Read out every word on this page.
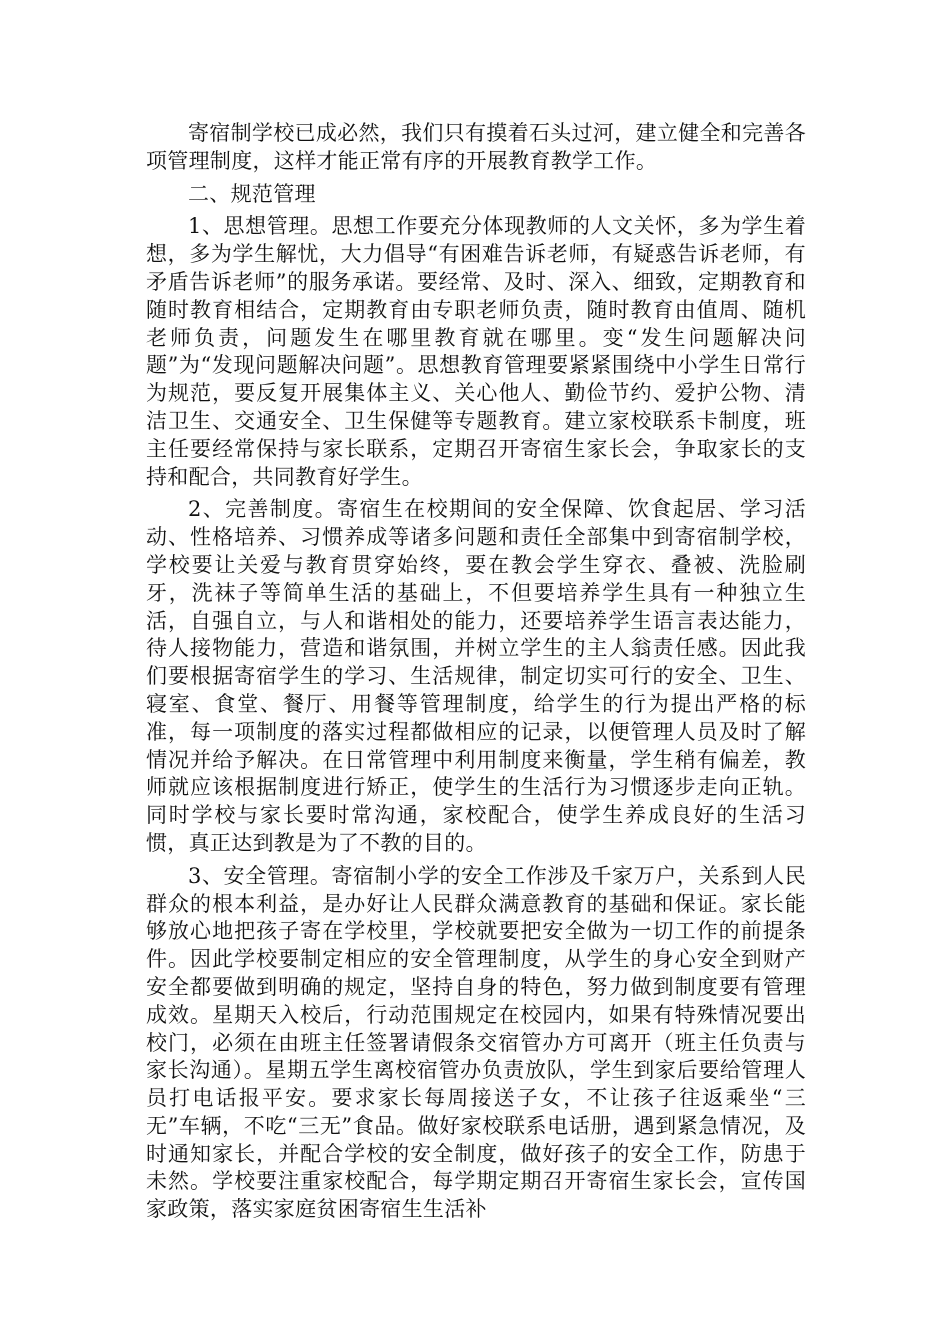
寄宿制学校已成必然，我们只有摸着石头过河，建立健全和完善各项管理制度，这样才能正常有序的开展教育教学工作。

二、规范管理

1、思想管理。思想工作要充分体现教师的人文关怀，多为学生着想，多为学生解忧，大力倡导“有困难告诉老师，有疑惑告诉老师，有矛盾告诉老师”的服务承诺。要经常、及时、深入、细致，定期教育和随时教育相结合，定期教育由专职老师负责，随时教育由值周、随机老师负责，问题发生在哪里教育就在哪里。变“发生问题解决问题”为“发现问题解决问题”。思想教育管理要紧紧围绕中小学生日常行为规范，要反复开展集体主义、关心他人、勤俭节约、爱护公物、清洁卫生、交通安全、卫生保健等专题教育。建立家校联系卡制度，班主任要经常保持与家长联系，定期召开寄宿生家长会，争取家长的支持和配合，共同教育好学生。

2、完善制度。寄宿生在校期间的安全保障、饮食起居、学习活动、性格培养、习惯养成等诸多问题和责任全部集中到寄宿制学校，学校要让关爱与教育贯穿始终，要在教会学生穿衣、叠被、洗脸刷牙，洗袜子等简单生活的基础上，不但要培养学生具有一种独立生活，自强自立，与人和谐相处的能力，还要培养学生语言表达能力，待人接物能力，营造和谐氛围，并树立学生的主人翁责任感。因此我们要根据寄宿学生的学习、生活规律，制定切实可行的安全、卫生、寝室、食堂、餐厅、用餐等管理制度，给学生的行为提出严格的标准，每一项制度的落实过程都做相应的记录，以便管理人员及时了解情况并给予解决。在日常管理中利用制度来衡量，学生稍有偏差，教师就应该根据制度进行矫正，使学生的生活行为习惯逐步走向正轨。同时学校与家长要时常沟通，家校配合，使学生养成良好的生活习惯，真正达到教是为了不教的目的。

3、安全管理。寄宿制小学的安全工作涉及千家万户，关系到人民群众的根本利益，是办好让人民群众满意教育的基础和保证。家长能够放心地把孩子寄在学校里，学校就要把安全做为一切工作的前提条件。因此学校要制定相应的安全管理制度，从学生的身心安全到财产安全都要做到明确的规定，坚持自身的特色，努力做到制度要有管理成效。星期天入校后，行动范围规定在校园内，如果有特殊情况要出校门，必须在由班主任签署请假条交宿管办方可离开（班主任负责与家长沟通）。星期五学生离校宿管办负责放队，学生到家后要给管理人员打电话报平安。要求家长每周接送子女，不让孩子往返乘坐“三无”车辆，不吃“三无”食品。做好家校联系电话册，遇到紧急情况，及时通知家长，并配合学校的安全制度，做好孩子的安全工作，防患于未然。学校要注重家校配合，每学期定期召开寄宿生家长会，宣传国家政策，落实家庭贫困寄宿生生活补
